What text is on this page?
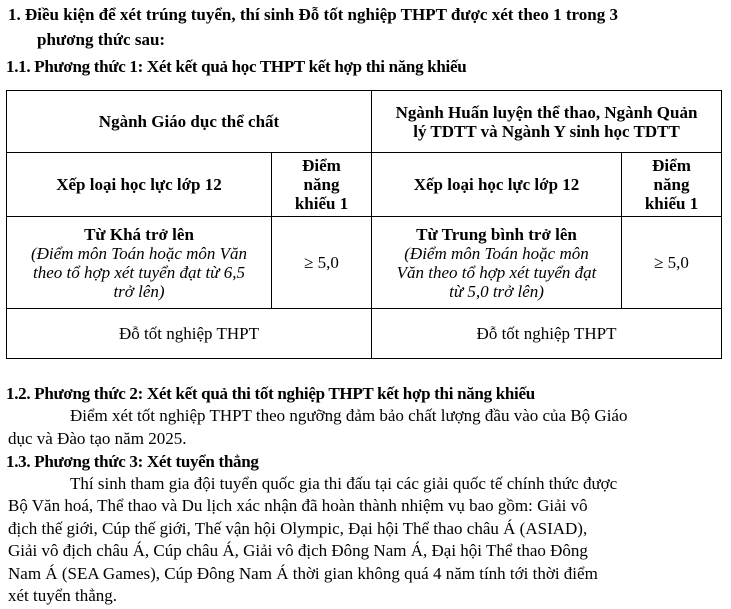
1. Điều kiện để xét trúng tuyển, thí sinh Đỗ tốt nghiệp THPT được xét theo 1 trong 3
phương thức sau:
1.1. Phương thức 1: Xét kết quả học THPT kết hợp thi năng khiếu
Ngành Giáo dục thể chất		Ngành Huấn luyện thể thao, Ngành Quản
lý TDTT và Ngành Y sinh học TDTT	

Xếp loại học lực lớp 12	Điểm
năng
khiếu 1	Xếp loại học lực lớp 12	Điểm
năng
khiếu 1

Từ Khá trở lên
(Điểm môn Toán hoặc môn Văn
theo tổ hợp xét tuyển đạt từ 6,5
trở lên)	≥ 5,0	Từ Trung bình trở lên
(Điểm môn Toán hoặc môn
Văn theo tổ hợp xét tuyển đạt
từ 5,0 trở lên)	≥ 5,0
Đỗ tốt nghiệp THPT		Đỗ tốt nghiệp THPT	
1.2. Phương thức 2: Xét kết quả thi tốt nghiệp THPT kết hợp thi năng khiếu
Điểm xét tốt nghiệp THPT theo ngưỡng đảm bảo chất lượng đầu vào của Bộ Giáo
dục và Đào tạo năm 2025.
1.3. Phương thức 3: Xét tuyển thẳng
Thí sinh tham gia đội tuyển quốc gia thi đấu tại các giải quốc tế chính thức được
Bộ Văn hoá, Thể thao và Du lịch xác nhận đã hoàn thành nhiệm vụ bao gồm: Giải vô
địch thế giới, Cúp thế giới, Thế vận hội Olympic, Đại hội Thể thao châu Á (ASIAD),
Giải vô địch châu Á, Cúp châu Á, Giải vô địch Đông Nam Á, Đại hội Thể thao Đông
Nam Á (SEA Games), Cúp Đông Nam Á thời gian không quá 4 năm tính tới thời điểm
xét tuyển thẳng.
